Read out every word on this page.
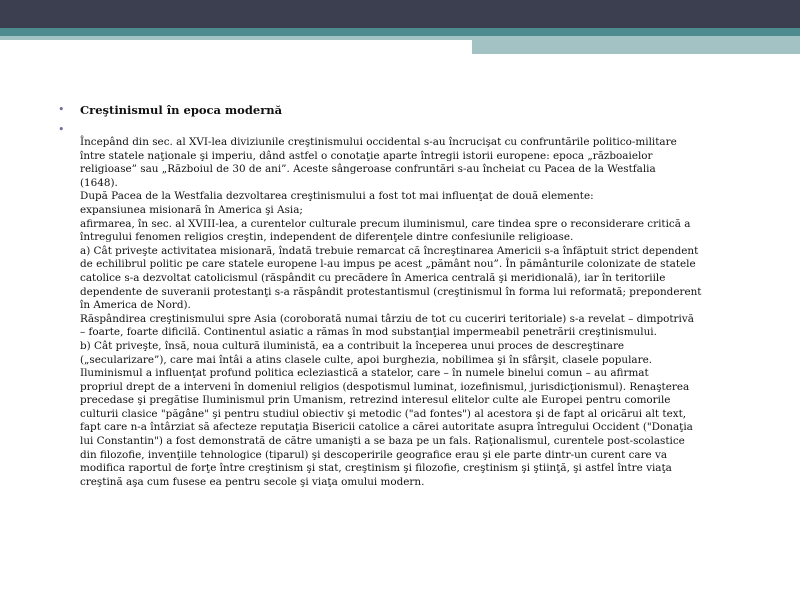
• Creştinismul în epoca modernă
•
Începând din sec. al XVI-lea diviziunile creştinismului occidental s-au încrucişat cu confruntările politico-militare
între statele naţionale şi imperiu, dând astfel o conotaţie aparte întregii istorii europene: epoca „războaielor
religioase” sau „Războiul de 30 de ani”. Aceste sângeroase confruntări s-au încheiat cu Pacea de la Westfalia
(1648).
După Pacea de la Westfalia dezvoltarea creştinismului a fost tot mai influenţat de două elemente:
expansiunea misionară în America şi Asia;
afirmarea, în sec. al XVIII-lea, a curentelor culturale precum iluminismul, care tindea spre o reconsiderare critică a
întregului fenomen religios creştin, independent de diferenţele dintre confesiunile religioase.
a) Cât priveşte activitatea misionară, îndată trebuie remarcat că încreştinarea Americii s-a înfăptuit strict dependent
de echilibrul politic pe care statele europene l-au impus pe acest „pământ nou”. În pământurile colonizate de statele
catolice s-a dezvoltat catolicismul (răspândit cu precădere în America centrală şi meridională), iar în teritoriile
dependente de suveranii protestanţi s-a răspândit protestantismul (creştinismul în forma lui reformată; preponderent
în America de Nord).
Răspândirea creştinismului spre Asia (coroborată numai târziu de tot cu cuceriri teritoriale) s-a revelat – dimpotrivă
– foarte, foarte dificilă. Continentul asiatic a rămas în mod substanţial impermeabil penetrării creştinismului.
b) Cât priveşte, însă, noua cultură iluministă, ea a contribuit la începerea unui proces de descreştinare
(„secularizare”), care mai întâi a atins clasele culte, apoi burghezia, nobilimea şi în sfârşit, clasele populare.
Iluminismul a influenţat profund politica ecleziastică a statelor, care – în numele binelui comun – au afirmat
propriul drept de a interveni în domeniul religios (despotismul luminat, iozefinismul, jurisdicţionismul). Renaşterea
precedase şi pregătise Iluminismul prin Umanism, retrezind interesul elitelor culte ale Europei pentru comorile
culturii clasice "păgâne" şi pentru studiul obiectiv şi metodic ("ad fontes") al acestora şi de fapt al oricărui alt text,
fapt care n-a întârziat să afecteze reputaţia Bisericii catolice a cărei autoritate asupra întregului Occident ("Donaţia
lui Constantin") a fost demonstrată de către umanişti a se baza pe un fals. Raţionalismul, curentele post-scolastice
din filozofie, invenţiile tehnologice (tiparul) şi descoperirile geografice erau şi ele parte dintr-un curent care va
modifica raportul de forţe între creştinism şi stat, creştinism şi filozofie, creştinism şi ştiinţă, şi astfel între viaţa
creştină aşa cum fusese ea pentru secole şi viaţa omului modern.
